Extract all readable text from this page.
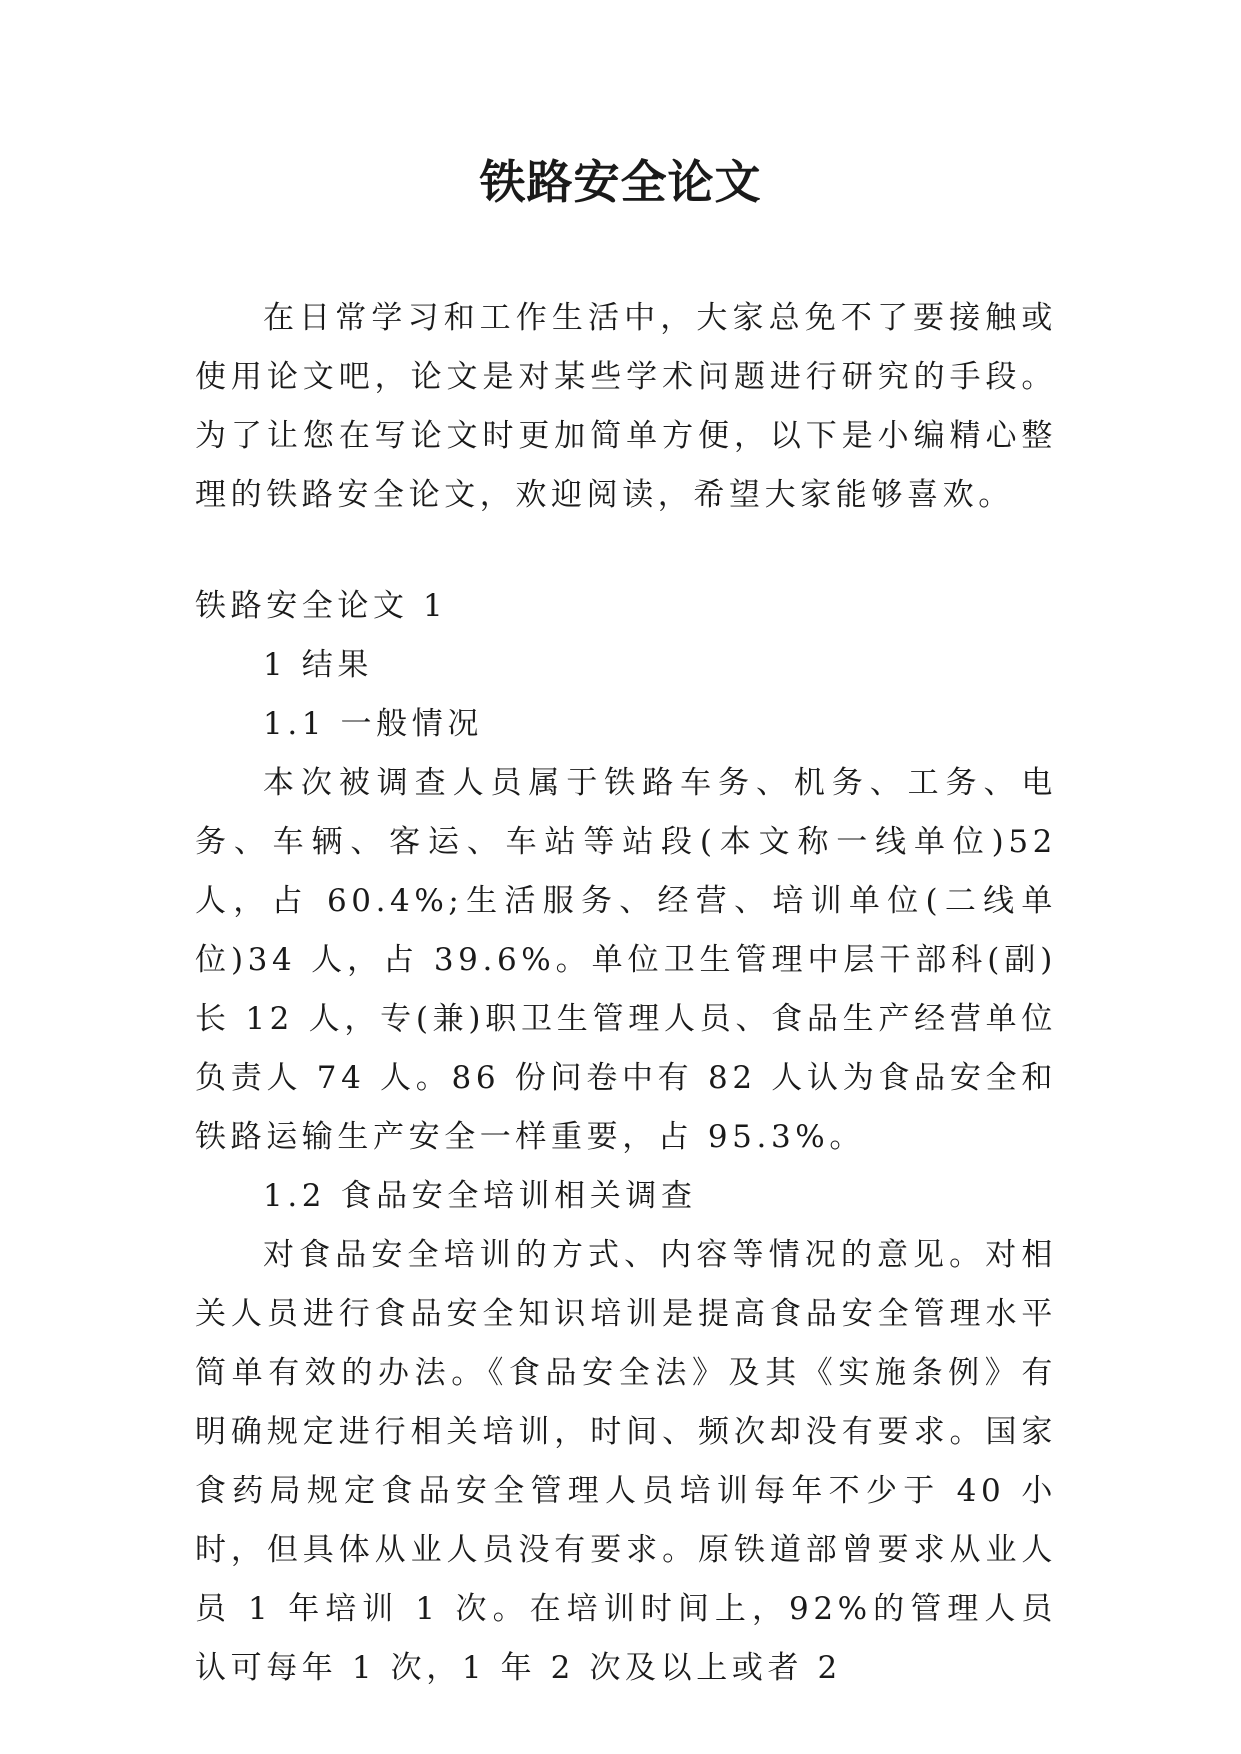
铁路安全论文

在日常学习和工作生活中，大家总免不了要接触或使用论文吧，论文是对某些学术问题进行研究的手段。为了让您在写论文时更加简单方便，以下是小编精心整理的铁路安全论文，欢迎阅读，希望大家能够喜欢。

铁路安全论文 1

1 结果

1.1 一般情况

本次被调查人员属于铁路车务、机务、工务、电务、车辆、客运、车站等站段(本文称一线单位)52 人，占 60.4%;生活服务、经营、培训单位(二线单位)34 人，占 39.6%。单位卫生管理中层干部科(副)长 12 人，专(兼)职卫生管理人员、食品生产经营单位负责人 74 人。86 份问卷中有 82 人认为食品安全和铁路运输生产安全一样重要，占 95.3%。

1.2 食品安全培训相关调查

对食品安全培训的方式、内容等情况的意见。对相关人员进行食品安全知识培训是提高食品安全管理水平简单有效的办法。《食品安全法》及其《实施条例》有明确规定进行相关培训，时间、频次却没有要求。国家食药局规定食品安全管理人员培训每年不少于 40 小时，但具体从业人员没有要求。原铁道部曾要求从业人员 1 年培训 1 次。在培训时间上，92%的管理人员认可每年 1 次，1 年 2 次及以上或者 2
